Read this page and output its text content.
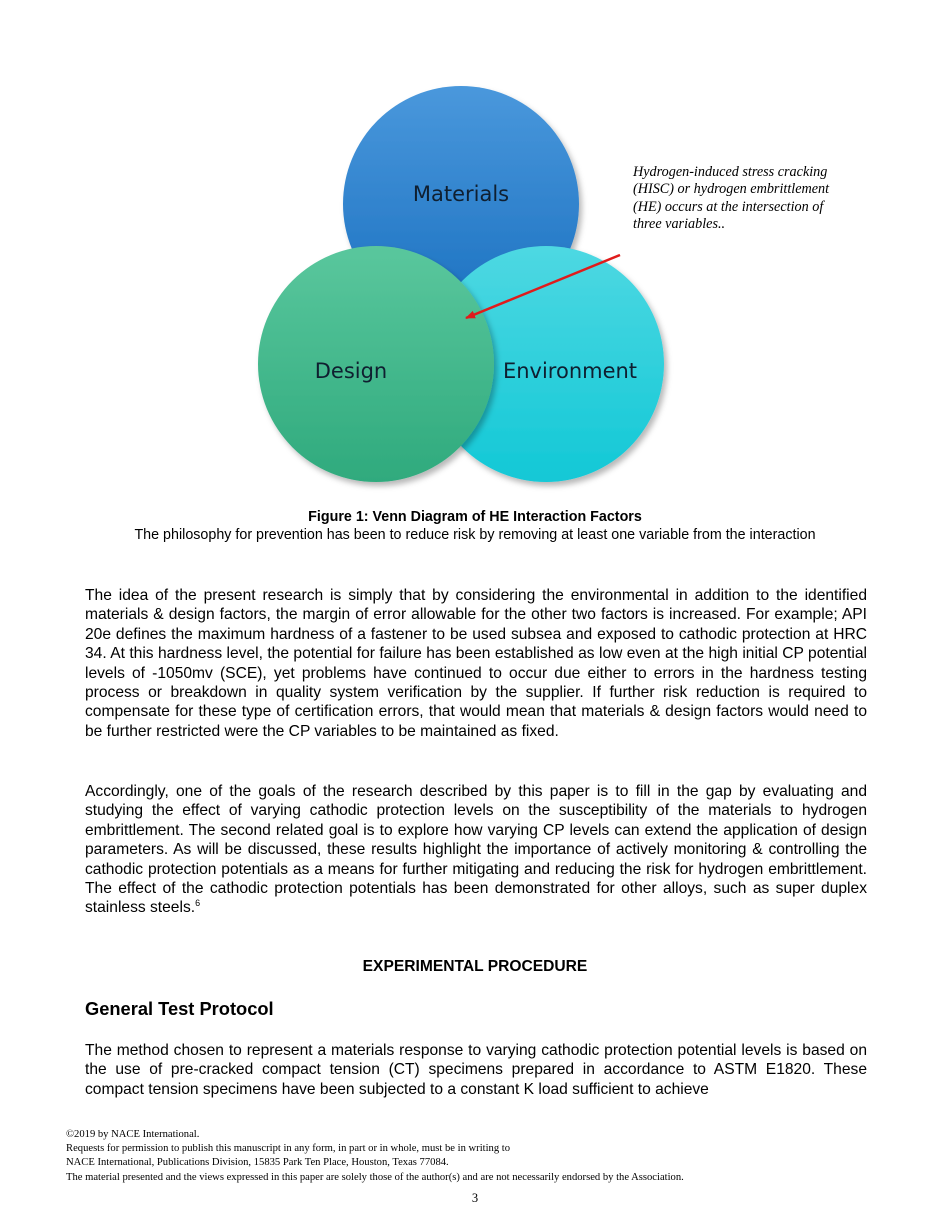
Materials
Environment
Design
Hydrogen-induced stress cracking (HISC) or hydrogen embrittlement (HE) occurs at the intersection of three variables..
Figure 1: Venn Diagram of HE Interaction Factors
The philosophy for prevention has been to reduce risk by removing at least one variable from the interaction
The idea of the present research is simply that by considering the environmental in addition to the identified materials & design factors, the margin of error allowable for the other two factors is increased. For example; API 20e defines the maximum hardness of a fastener to be used subsea and exposed to cathodic protection at HRC 34. At this hardness level, the potential for failure has been established as low even at the high initial CP potential levels of -1050mv (SCE), yet problems have continued to occur due either to errors in the hardness testing process or breakdown in quality system verification by the supplier. If further risk reduction is required to compensate for these type of certification errors, that would mean that materials & design factors would need to be further restricted were the CP variables to be maintained as fixed.
Accordingly, one of the goals of the research described by this paper is to fill in the gap by evaluating and studying the effect of varying cathodic protection levels on the susceptibility of the materials to hydrogen embrittlement. The second related goal is to explore how varying CP levels can extend the application of design parameters. As will be discussed, these results highlight the importance of actively monitoring & controlling the cathodic protection potentials as a means for further mitigating and reducing the risk for hydrogen embrittlement. The effect of the cathodic protection potentials has been demonstrated for other alloys, such as super duplex stainless steels.$^6$
EXPERIMENTAL PROCEDURE
General Test Protocol
The method chosen to represent a materials response to varying cathodic protection potential levels is based on the use of pre-cracked compact tension (CT) specimens prepared in accordance to ASTM E1820. These compact tension specimens have been subjected to a constant K load sufficient to achieve
©2019 by NACE International.
Requests for permission to publish this manuscript in any form, in part or in whole, must be in writing to
NACE International, Publications Division, 15835 Park Ten Place, Houston, Texas 77084.
The material presented and the views expressed in this paper are solely those of the author(s) and are not necessarily endorsed by the Association.
3
